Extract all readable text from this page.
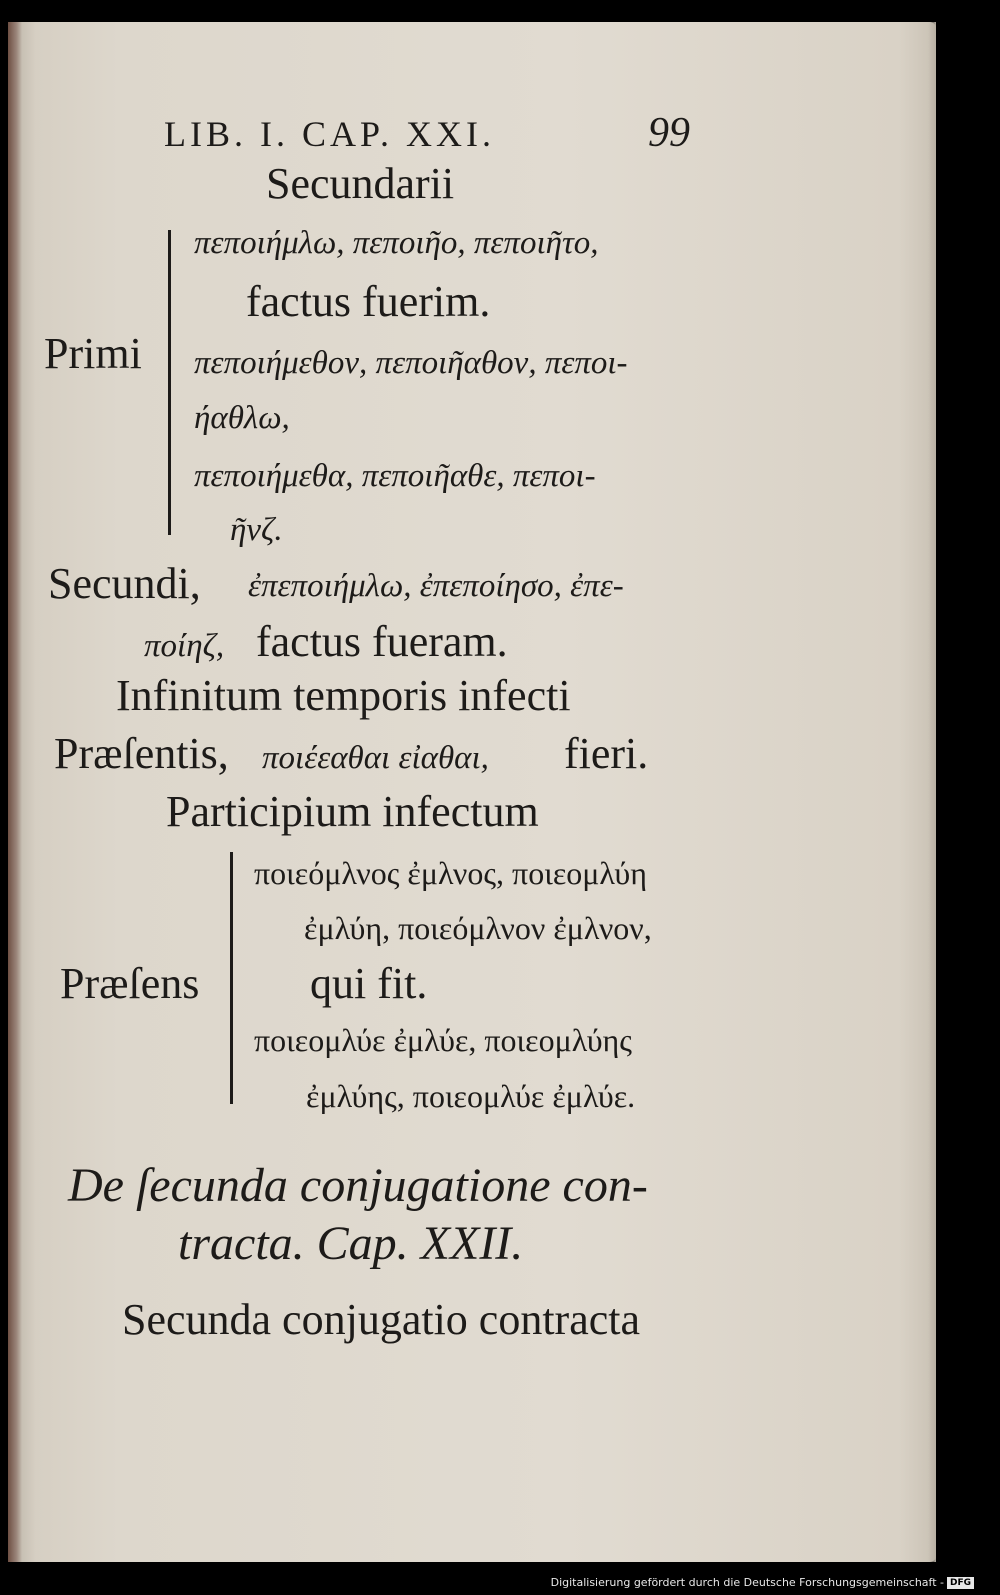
LIB. I. CAP. XXI.	99
Secundarii
Primi
πεποιήμλω, πεποιῆο, πεποιῆτο,
factus fuerim.
πεποιήμεθον, πεποιῆαθον, πεποι-
ήαθλω,
πεποιήμεθα, πεποιῆαθε, πεποι-
ῆνζ.
Secundi, ἐπεποιήμλω, ἐπεποίησο, ἐπε-
ποίηζ, factus fueram.
Infinitum temporis infecti
Præſentis, ποιέεαθαι εἰαθαι, fieri.
Participium infectum
Præſens
ποιεόμλνος ἐμλνος, ποιεομλύη
ἐμλύη, ποιεόμλνον ἐμλνον,
qui fit.
ποιεομλύε ἐμλύε, ποιεομλύης
ἐμλύης, ποιεομλύε ἐμλύε.
De ſecunda conjugatione con-
tracta. Cap. XXII.
Secunda conjugatio contracta
Digitalisierung gefördert durch die Deutsche Forschungsgemeinschaft - DFG
